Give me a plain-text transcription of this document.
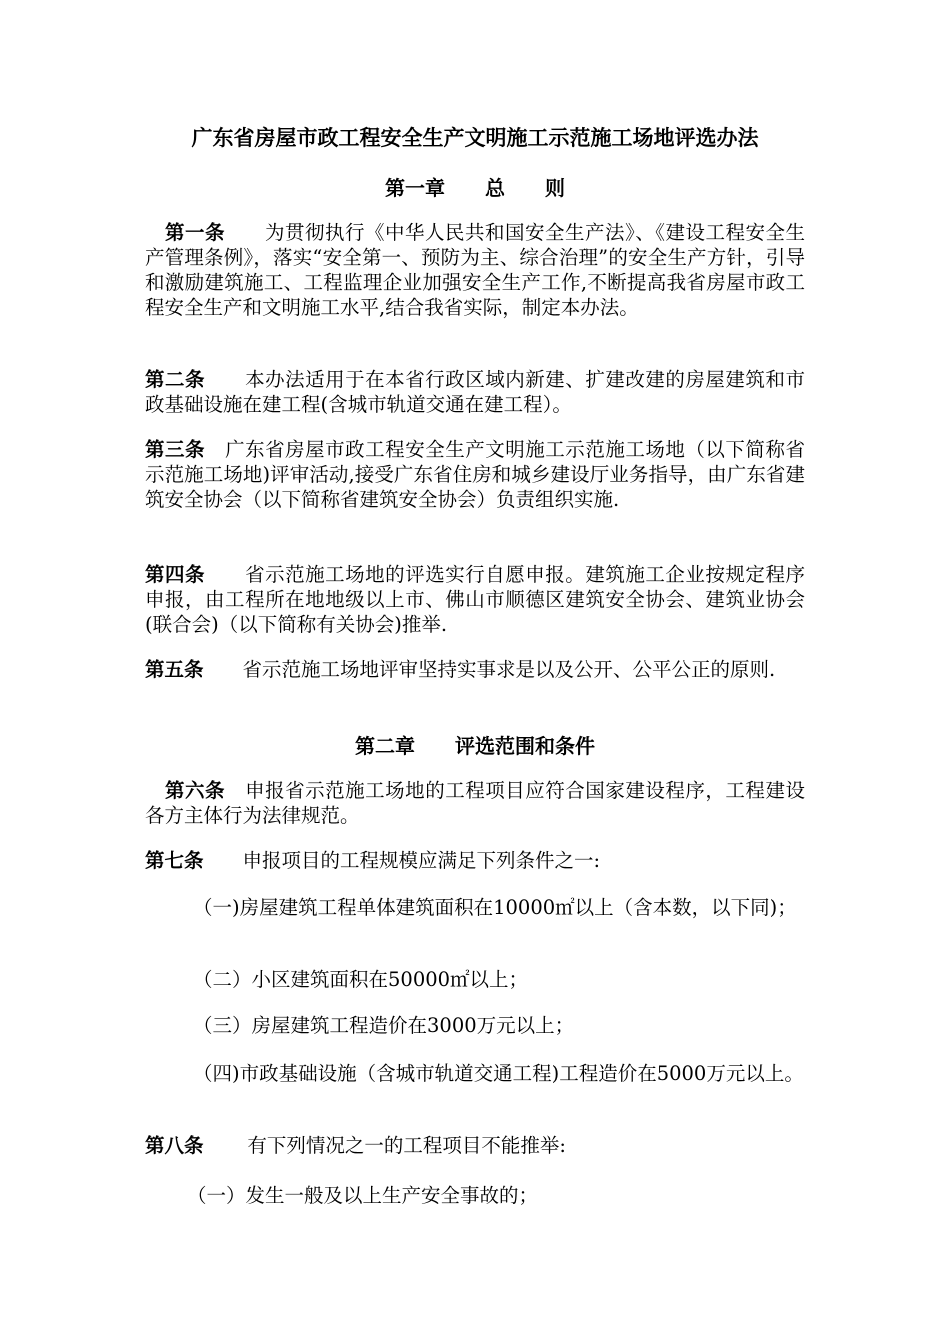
广东省房屋市政工程安全生产文明施工示范施工场地评选办法
第一章　　总　　则
第一条　　 为贯彻执行《中华人民共和国安全生产法》、《建设工程安全生产管理条例》，落实“安全第一、预防为主、综合治理”的安全生产方针，引导和激励建筑施工、工程监理企业加强安全生产工作,不断提高我省房屋市政工程安全生产和文明施工水平,结合我省实际，制定本办法。
第二条　　 本办法适用于在本省行政区域内新建、扩建改建的房屋建筑和市政基础设施在建工程(含城市轨道交通在建工程）。
第三条　 广东省房屋市政工程安全生产文明施工示范施工场地（以下简称省示范施工场地)评审活动,接受广东省住房和城乡建设厅业务指导，由广东省建筑安全协会（以下简称省建筑安全协会）负责组织实施.
第四条　　 省示范施工场地的评选实行自愿申报。建筑施工企业按规定程序申报，由工程所在地地级以上市、佛山市顺德区建筑安全协会、建筑业协会(联合会)（以下简称有关协会)推举.
第五条　　 省示范施工场地评审坚持实事求是以及公开、公平公正的原则.
第二章　　评选范围和条件
第六条　 申报省示范施工场地的工程项目应符合国家建设程序，工程建设各方主体行为法律规范。
第七条　　 申报项目的工程规模应满足下列条件之一:
（一)房屋建筑工程单体建筑面积在10000㎡以上（含本数，以下同)；
（二）小区建筑面积在50000㎡以上；
（三）房屋建筑工程造价在3000万元以上；
（四)市政基础设施（含城市轨道交通工程)工程造价在5000万元以上。
第八条　　  有下列情况之一的工程项目不能推举:
（一）发生一般及以上生产安全事故的；
